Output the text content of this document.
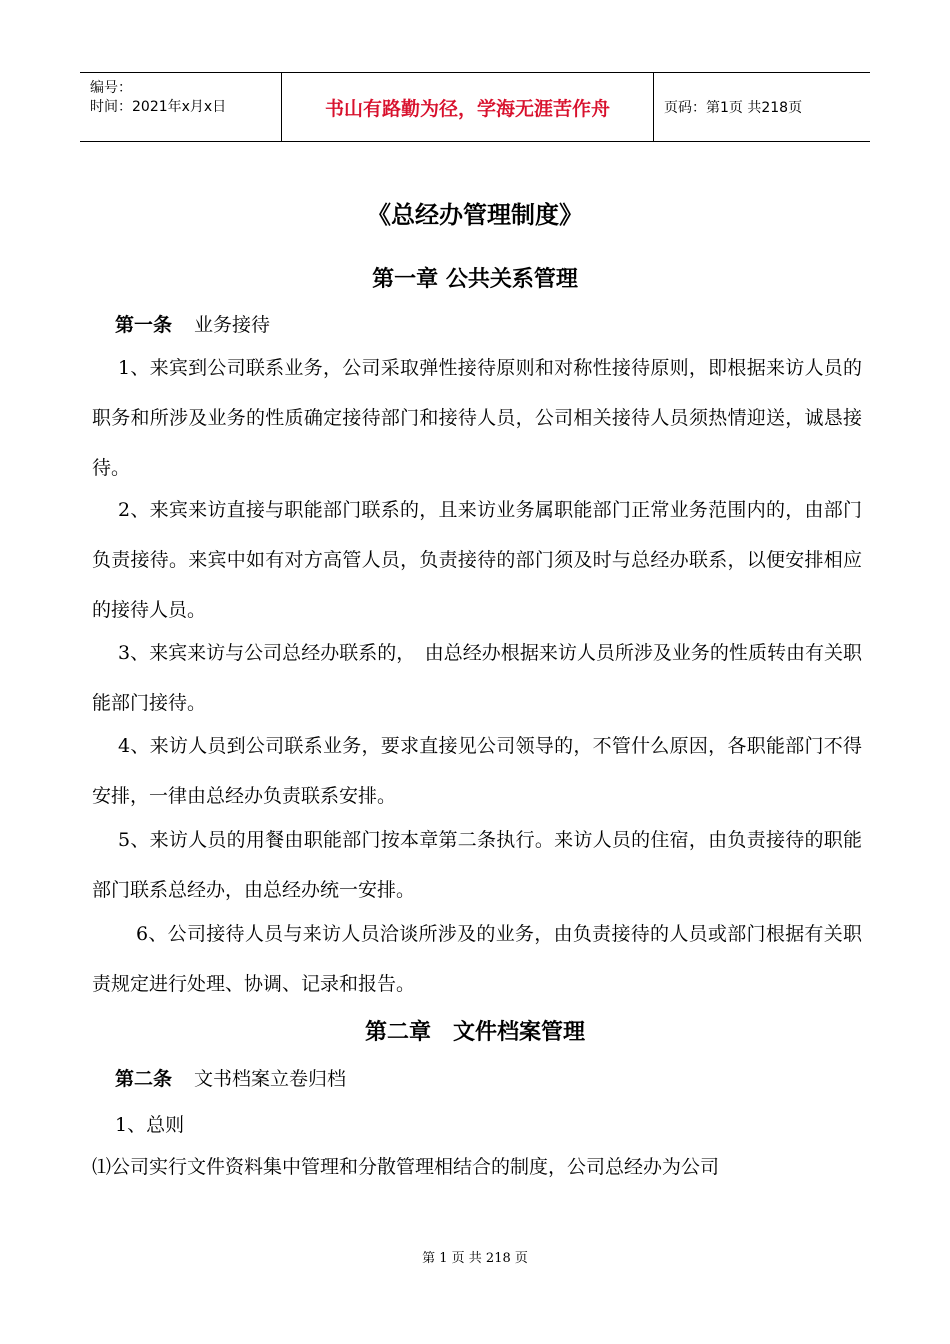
编号：
时间：2021年x月x日	书山有路勤为径，学海无涯苦作舟	页码：第1页 共218页
《总经办管理制度》
第一章 公共关系管理
第一条 业务接待

1、来宾到公司联系业务，公司采取弹性接待原则和对称性接待原则，即根据来访人员的职务和所涉及业务的性质确定接待部门和接待人员，公司相关接待人员须热情迎送，诚恳接待。

2、来宾来访直接与职能部门联系的，且来访业务属职能部门正常业务范围内的，由部门负责接待。来宾中如有对方高管人员，负责接待的部门须及时与总经办联系，以便安排相应的接待人员。

3、来宾来访与公司总经办联系的，　由总经办根据来访人员所涉及业务的性质转由有关职能部门接待。

4、来访人员到公司联系业务，要求直接见公司领导的，不管什么原因，各职能部门不得安排，一律由总经办负责联系安排。

5、来访人员的用餐由职能部门按本章第二条执行。来访人员的住宿，由负责接待的职能部门联系总经办，由总经办统一安排。

6、公司接待人员与来访人员洽谈所涉及的业务，由负责接待的人员或部门根据有关职责规定进行处理、协调、记录和报告。

第二章　文件档案管理
第二条 文书档案立卷归档
1、总则

⑴公司实行文件资料集中管理和分散管理相结合的制度，公司总经办为公司

第 1 页 共 218 页
